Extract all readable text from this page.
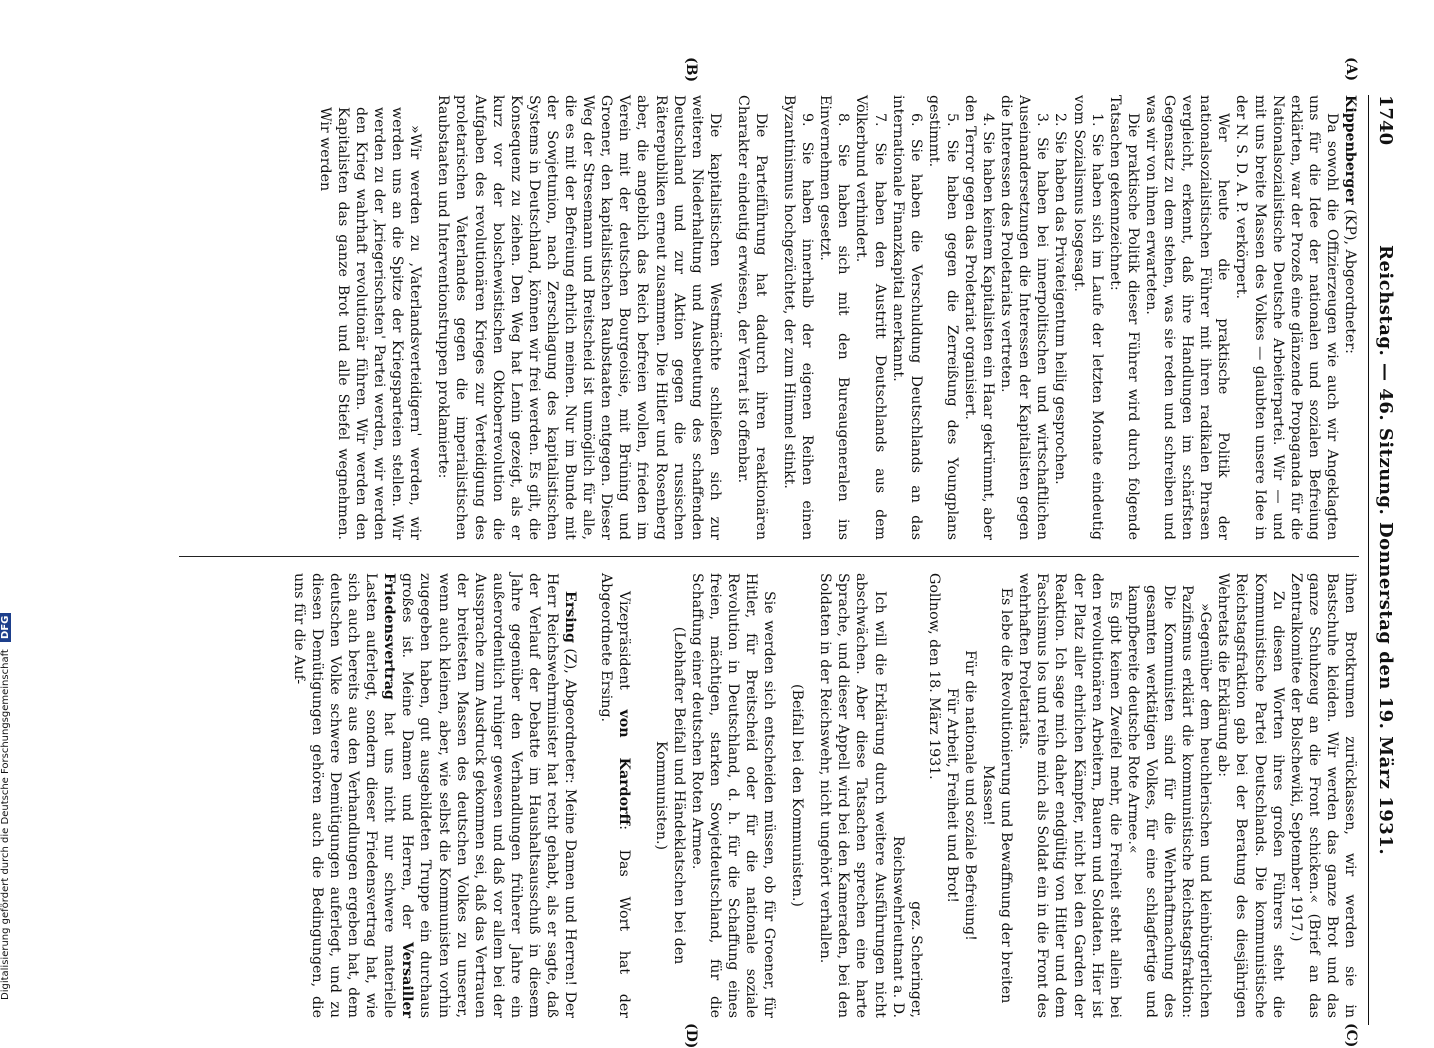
1740
Reichstag. — 46. Sitzung. Donnerstag den 19. März 1931.

Kippenberger (KP), Abgeordneter:

Da sowohl die Offizierzeugen wie auch wir Angeklagten uns für die Idee der nationalen und sozialen Befreiung erklärten, war der Prozeß eine glänzende Propaganda für die Nationalsozialistische Deutsche Arbeiterpartei. Wir — und mit uns breite Massen des Volkes — glaubten unsere Idee in der N. S. D. A. P. verkörpert.

Wer heute die praktische Politik der nationalsozialistischen Führer mit ihren radikalen Phrasen vergleicht, erkennt, daß ihre Handlungen im schärfsten Gegensatz zu dem stehen, was sie reden und schreiben und was wir von ihnen erwarteten.

Die praktische Politik dieser Führer wird durch folgende Tatsachen gekennzeichnet:

1. Sie haben sich im Laufe der letzten Monate eindeutig vom Sozialismus losgesagt.

2. Sie haben das Privateigentum heilig gesprochen.

3. Sie haben bei innerpolitischen und wirtschaftlichen Auseinandersetzungen die Interessen der Kapitalisten gegen die Interessen des Proletariats vertreten.

4. Sie haben keinem Kapitalisten ein Haar gekrümmt, aber den Terror gegen das Proletariat organisiert.

5. Sie haben gegen die Zerreißung des Youngplans gestimmt.

6. Sie haben die Verschuldung Deutschlands an das internationale Finanzkapital anerkannt.

7. Sie haben den Austritt Deutschlands aus dem Völkerbund verhindert.

8. Sie haben sich mit den Bureaugeneralen ins Einvernehmen gesetzt.

9. Sie haben innerhalb der eigenen Reihen einen Byzantinismus hochgezüchtet, der zum Himmel stinkt.

Die Parteiführung hat dadurch ihren reaktionären Charakter eindeutig erwiesen, der Verrat ist offenbar.

Die kapitalistischen Westmächte schließen sich zur weiteren Niederhaltung und Ausbeutung des schaffenden Deutschland und zur Aktion gegen die russischen Räterepubliken erneut zusammen. Die Hitler und Rosenberg aber, die angeblich das Reich befreien wollen, frieden im Verein mit der deutschen Bourgeoisie, mit Brüning und Groener, den kapitalistischen Raubstaaten entgegen. Dieser Weg der Stresemann und Breitscheid ist unmöglich für alle, die es mit der Befreiung ehrlich meinen. Nur im Bunde mit der Sowjetunion, nach Zerschlagung des kapitalistischen Systems in Deutschland, können wir frei werden. Es gilt, die Konsequenz zu ziehen. Den Weg hat Lenin gezeigt, als er kurz vor der bolschewistischen Oktoberrevolution die Aufgaben des revolutionären Krieges zur Verteidigung des proletarischen Vaterlandes gegen die imperialistischen Raubstaaten und Interventionstruppen proklamierte:

»Wir werden zu ‚Vaterlandsverteidigern' werden, wir werden uns an die Spitze der Kriegsparteien stellen. Wir werden zu der ‚kriegerischsten' Partei werden, wir werden den Krieg wahrhaft revolutionär führen. Wir werden den Kapitalisten das ganze Brot und alle Stiefel wegnehmen. Wir werden

ihnen Brotkrumen zurücklassen, wir werden sie in Bastschuhe kleiden. Wir werden das ganze Brot und das ganze Schuhzeug an die Front schicken.« (Brief an das Zentralkomitee der Bolschewiki, September 1917.)

Zu diesen Worten ihres großen Führers steht die Kommunistische Partei Deutschlands. Die kommunistische Reichstagsfraktion gab bei der Beratung des diesjährigen Wehretats die Erklärung ab:

»Gegenüber dem heuchlerischen und kleinbürgerlichen Pazifismus erklärt die kommunistische Reichstagsfraktion: Die Kommunisten sind für die Wehrhaftmachung des gesamten werktätigen Volkes, für eine schlagfertige und kampfbereite deutsche Rote Armee.«

Es gibt keinen Zweifel mehr, die Freiheit steht allein bei den revolutionären Arbeitern, Bauern und Soldaten. Hier ist der Platz aller ehrlichen Kämpfer, nicht bei den Garden der Reaktion. Ich sage mich daher endgültig von Hitler und dem Faschismus los und reihe mich als Soldat ein in die Front des wehrhaften Proletariats.

Es lebe die Revolutionierung und Bewaffnung der breiten Massen!

Für die nationale und soziale Befreiung!

Für Arbeit, Freiheit und Brot!

Gollnow, den 18. März 1931.

gez. Scheringer,

Reichswehrleutnant a. D.

Ich will die Erklärung durch weitere Ausführungen nicht abschwächen. Aber diese Tatsachen sprechen eine harte Sprache, und dieser Appell wird bei den Kameraden, bei den Soldaten in der Reichswehr, nicht ungehört verhallen.

(Beifall bei den Kommunisten.)

Sie werden sich entscheiden müssen, ob für Groener, für Hitler, für Breitscheid oder für die nationale soziale Revolution in Deutschland, d. h. für die Schaffung eines freien, mächtigen, starken Sowjetdeutschland, für die Schaffung einer deutschen Roten Armee.

(Lebhafter Beifall und Händeklatschen bei den Kommunisten.)

Vizepräsident von Kardorff: Das Wort hat der Abgeordnete Ersing.

Ersing (Z), Abgeordneter: Meine Damen und Herren! Der Herr Reichswehrminister hat recht gehabt, als er sagte, daß der Verlauf der Debatte im Haushaltsausschuß in diesem Jahre gegenüber den Verhandlungen früherer Jahre ein außerordentlich ruhiger gewesen und daß vor allem bei der Aussprache zum Ausdruck gekommen sei, daß das Vertrauen der breitesten Massen des deutschen Volkes zu unserer, wenn auch kleinen, aber, wie selbst die Kommunisten vorhin zugegeben haben, gut ausgebildeten Truppe ein durchaus großes ist. Meine Damen und Herren, der Versailler Friedensvertrag hat uns nicht nur schwere materielle Lasten auferlegt, sondern dieser Friedensvertrag hat, wie sich auch bereits aus den Verhandlungen ergeben hat, dem deutschen Volke schwere Demütigungen auferlegt, und zu diesen Demütigungen gehören auch die Bedingungen, die uns für die Auf-

(A)
(B)
(C)
(D)
Digitalisierung gefördert durch die Deutsche Forschungsgemeinschaft DFG
